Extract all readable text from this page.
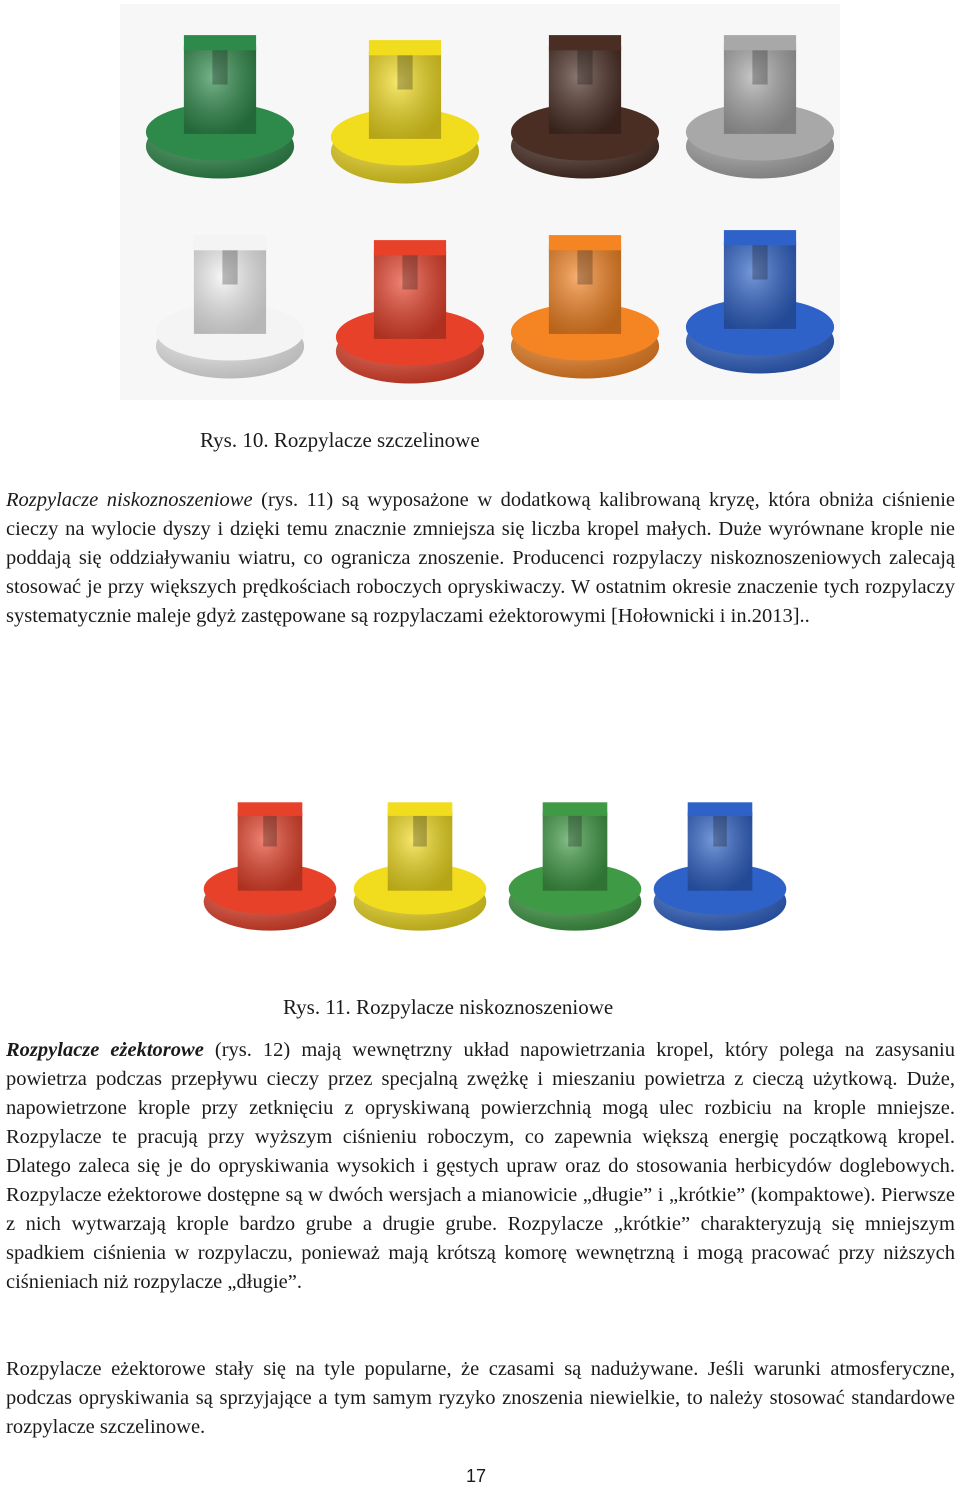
Rys. 10. Rozpylacze szczelinowe

Rozpylacze niskoznoszeniowe (rys. 11) są wyposażone w dodatkową kalibrowaną kryzę, która obniża ciśnienie cieczy na wylocie dyszy i dzięki temu znacznie zmniejsza się liczba kropel małych. Duże wyrównane krople nie poddają się oddziaływaniu wiatru, co ogranicza znoszenie. Producenci rozpylaczy niskoznoszeniowych zalecają stosować je przy większych prędkościach roboczych opryskiwaczy. W ostatnim okresie znaczenie tych rozpylaczy systematycznie maleje gdyż zastępowane są rozpylaczami eżektorowymi [Hołownicki i in.2013]..

Rys. 11. Rozpylacze niskoznoszeniowe

Rozpylacze eżektorowe (rys. 12) mają wewnętrzny układ napowietrzania kropel, który polega na zasysaniu powietrza podczas przepływu cieczy przez specjalną zwężkę i mieszaniu powietrza z cieczą użytkową. Duże, napowietrzone krople przy zetknięciu z opryskiwaną powierzchnią mogą ulec rozbiciu na krople mniejsze. Rozpylacze te pracują przy wyższym ciśnieniu roboczym, co zapewnia większą energię początkową kropel. Dlatego zaleca się je do opryskiwania wysokich i gęstych upraw oraz do stosowania herbicydów doglebowych. Rozpylacze eżektorowe dostępne są w dwóch wersjach a mianowicie „długie” i „krótkie” (kompaktowe). Pierwsze z nich wytwarzają krople bardzo grube a drugie grube. Rozpylacze „krótkie” charakteryzują się mniejszym spadkiem ciśnienia w rozpylaczu, ponieważ mają krótszą komorę wewnętrzną i mogą pracować przy niższych ciśnieniach niż rozpylacze „długie”.

Rozpylacze eżektorowe stały się na tyle popularne, że czasami są nadużywane. Jeśli warunki atmosferyczne, podczas opryskiwania są sprzyjające a tym samym ryzyko znoszenia niewielkie, to należy stosować standardowe rozpylacze szczelinowe.

17
